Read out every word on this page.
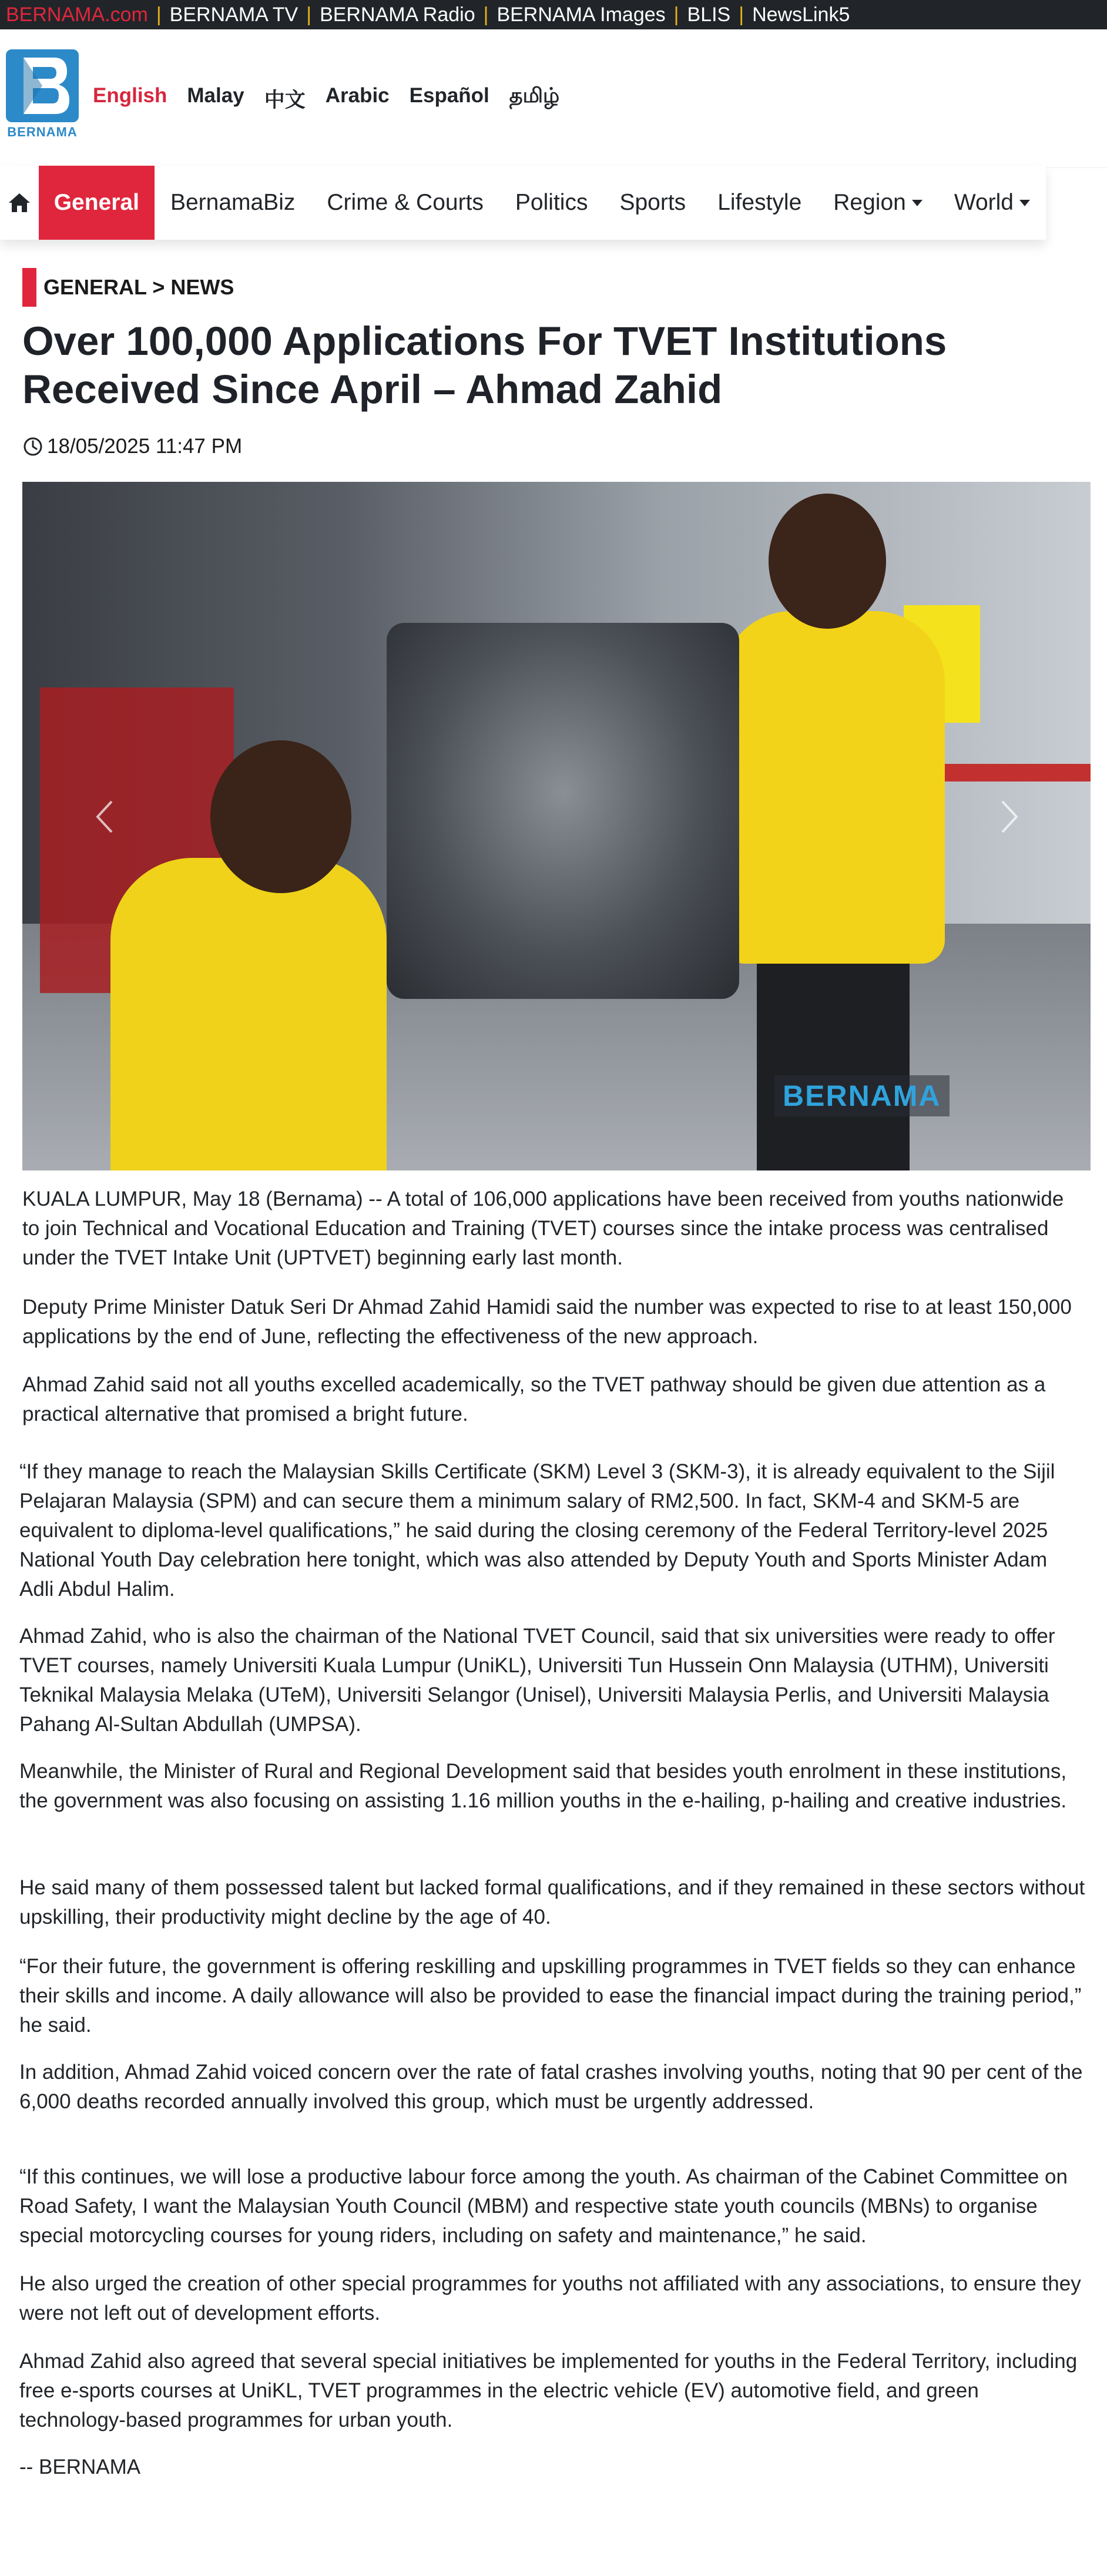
BERNAMA.com | BERNAMA TV | BERNAMA Radio | BERNAMA Images | BLIS | NewsLink5
BERNAMA
English Malay 中文 Arabic Español தமிழ்
General	BernamaBiz	Crime & Courts	Politics	Sports	Lifestyle	Region World
GENERAL > NEWS
Over 100,000 Applications For TVET Institutions Received Since April – Ahmad Zahid
18/05/2025 11:47 PM
BERNAMA

KUALA LUMPUR, May 18 (Bernama) -- A total of 106,000 applications have been received from youths nationwide to join Technical and Vocational Education and Training (TVET) courses since the intake process was centralised under the TVET Intake Unit (UPTVET) beginning early last month.

Deputy Prime Minister Datuk Seri Dr Ahmad Zahid Hamidi said the number was expected to rise to at least 150,000 applications by the end of June, reflecting the effectiveness of the new approach.

Ahmad Zahid said not all youths excelled academically, so the TVET pathway should be given due attention as a practical alternative that promised a bright future.

“If they manage to reach the Malaysian Skills Certificate (SKM) Level 3 (SKM-3), it is already equivalent to the Sijil Pelajaran Malaysia (SPM) and can secure them a minimum salary of RM2,500. In fact, SKM-4 and SKM-5 are equivalent to diploma-level qualifications,” he said during the closing ceremony of the Federal Territory-level 2025 National Youth Day celebration here tonight, which was also attended by Deputy Youth and Sports Minister Adam Adli Abdul Halim.

Ahmad Zahid, who is also the chairman of the National TVET Council, said that six universities were ready to offer TVET courses, namely Universiti Kuala Lumpur (UniKL), Universiti Tun Hussein Onn Malaysia (UTHM), Universiti Teknikal Malaysia Melaka (UTeM), Universiti Selangor (Unisel), Universiti Malaysia Perlis, and Universiti Malaysia Pahang Al-Sultan Abdullah (UMPSA).

Meanwhile, the Minister of Rural and Regional Development said that besides youth enrolment in these institutions, the government was also focusing on assisting 1.16 million youths in the e-hailing, p-hailing and creative industries.

He said many of them possessed talent but lacked formal qualifications, and if they remained in these sectors without upskilling, their productivity might decline by the age of 40.

“For their future, the government is offering reskilling and upskilling programmes in TVET fields so they can enhance their skills and income. A daily allowance will also be provided to ease the financial impact during the training period,” he said.

In addition, Ahmad Zahid voiced concern over the rate of fatal crashes involving youths, noting that 90 per cent of the 6,000 deaths recorded annually involved this group, which must be urgently addressed.

“If this continues, we will lose a productive labour force among the youth. As chairman of the Cabinet Committee on Road Safety, I want the Malaysian Youth Council (MBM) and respective state youth councils (MBNs) to organise special motorcycling courses for young riders, including on safety and maintenance,” he said.

He also urged the creation of other special programmes for youths not affiliated with any associations, to ensure they were not left out of development efforts.

Ahmad Zahid also agreed that several special initiatives be implemented for youths in the Federal Territory, including free e-sports courses at UniKL, TVET programmes in the electric vehicle (EV) automotive field, and green technology-based programmes for urban youth.

-- BERNAMA
